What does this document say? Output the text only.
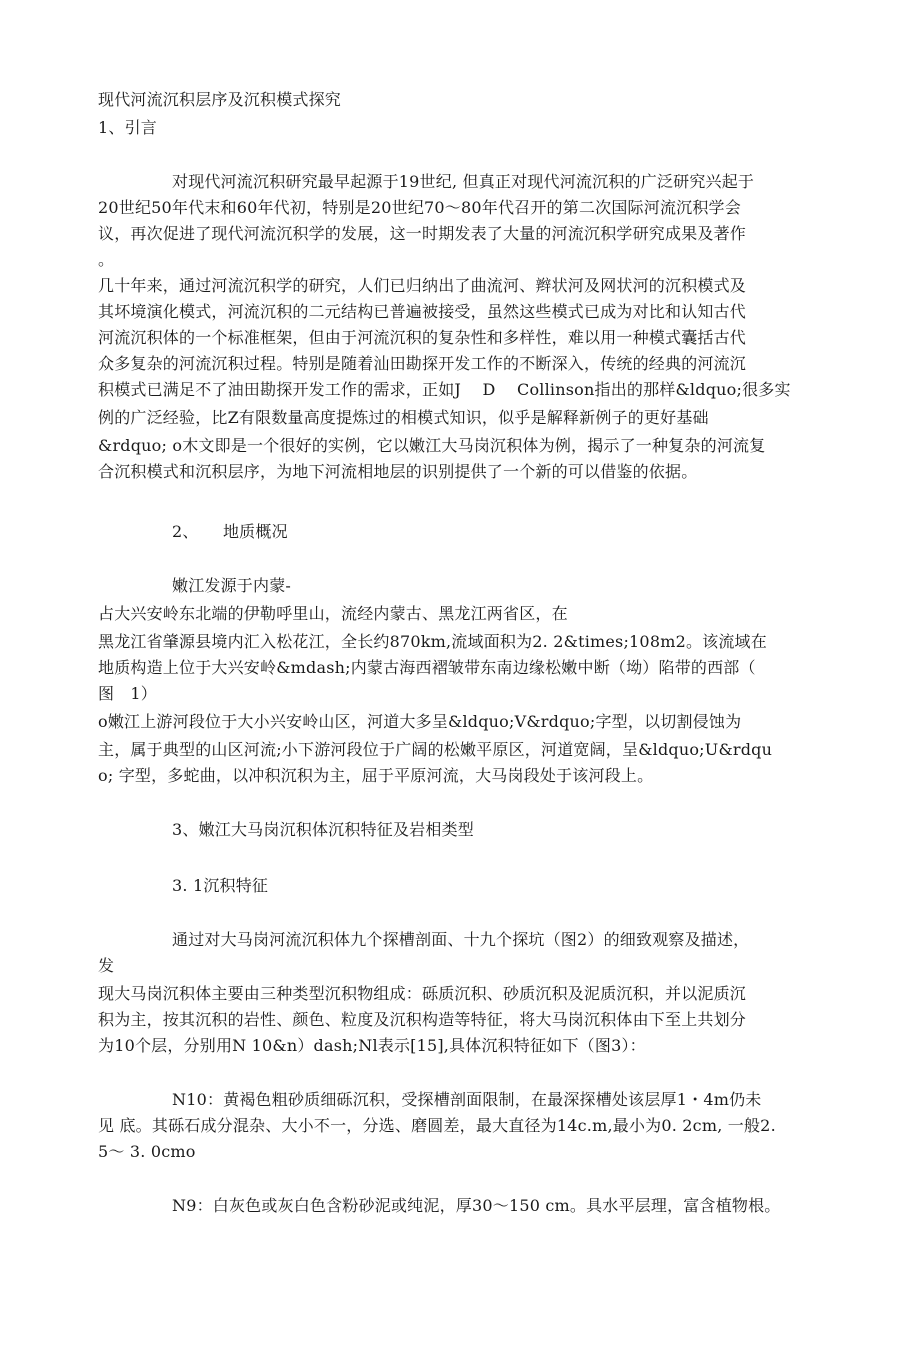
现代河流沉积层序及沉积模式探究
1、引言
对现代河流沉积研究最早起源于19世纪, 但真正对现代河流沉积的广泛研究兴起于
20世纪50年代末和60年代初，特别是20世纪70～80年代召开的第二次国际河流沉积学会
议，再次促进了现代河流沉积学的发展，这一时期发表了大量的河流沉积学研究成果及著作
。
几十年来，通过河流沉积学的研究，人们已归纳出了曲流河、辫状河及网状河的沉积模式及
其坏境演化模式，河流沉积的二元结构已普遍被接受，虽然这些模式已成为对比和认知古代
河流沉积体的一个标准框架，但由于河流沉积的复杂性和多样性，难以用一种模式囊括古代
众多复杂的河流沉积过程。特别是随着汕田勘探开发工作的不断深入，传统的经典的河流沉
积模式已满足不了油田勘探开发工作的需求，正如J　 D　 Collinson指出的那样&ldquo;很多实
例的广泛经验，比Z有限数量高度提炼过的相模式知识，似乎是解释新例子的更好基础
&rdquo; o木文即是一个很好的实例，它以嫩江大马岗沉积体为例，揭示了一种复杂的河流复
合沉积模式和沉积层序，为地下河流相地层的识别提供了一个新的可以借鉴的依据。
2、　　地质概况
嫩江发源于内蒙-
占大兴安岭东北端的伊勒呼里山，流经内蒙古、黑龙江两省区，在
黑龙江省肇源县境内汇入松花江，全长约870km,流域面积为2. 2&times;108m2。该流域在
地质构造上位于大兴安岭&mdash;内蒙古海西褶皱带东南边缘松嫩中断（坳）陷带的西部（
图　1）
o嫩江上游河段位于大小兴安岭山区，河道大多呈&ldquo;V&rdquo;字型，以切割侵蚀为
主，属于典型的山区河流;小下游河段位于广阔的松嫩平原区，河道宽阔，呈&ldquo;U&rdqu
o; 字型，多蛇曲，以冲积沉积为主，屈于平原河流，大马岗段处于该河段上。
3、嫩江大马岗沉积体沉积特征及岩相类型
3. 1沉积特征
通过对大马岗河流沉积体九个探槽剖面、十九个探坑（图2）的细致观察及描述，
发
现大马岗沉积体主要由三种类型沉积物组成：砾质沉积、砂质沉积及泥质沉积，并以泥质沉
积为主，按其沉积的岩性、颜色、粒度及沉积构造等特征，将大马岗沉积体由下至上共划分
为10个层，分别用N 10&n）dash;Nl表示[15],具体沉积特征如下（图3）：
N10：黄褐色粗砂质细砾沉积，受探槽剖面限制，在最深探槽处该层厚1・4m仍未
见 底。其砾石成分混杂、大小不一，分选、磨圆差，最大直径为14c.m,最小为0. 2cm, 一般2.
5～ 3. 0cmo
N9：白灰色或灰白色含粉砂泥或纯泥，厚30～150 cm。具水平层理，富含植物根。
